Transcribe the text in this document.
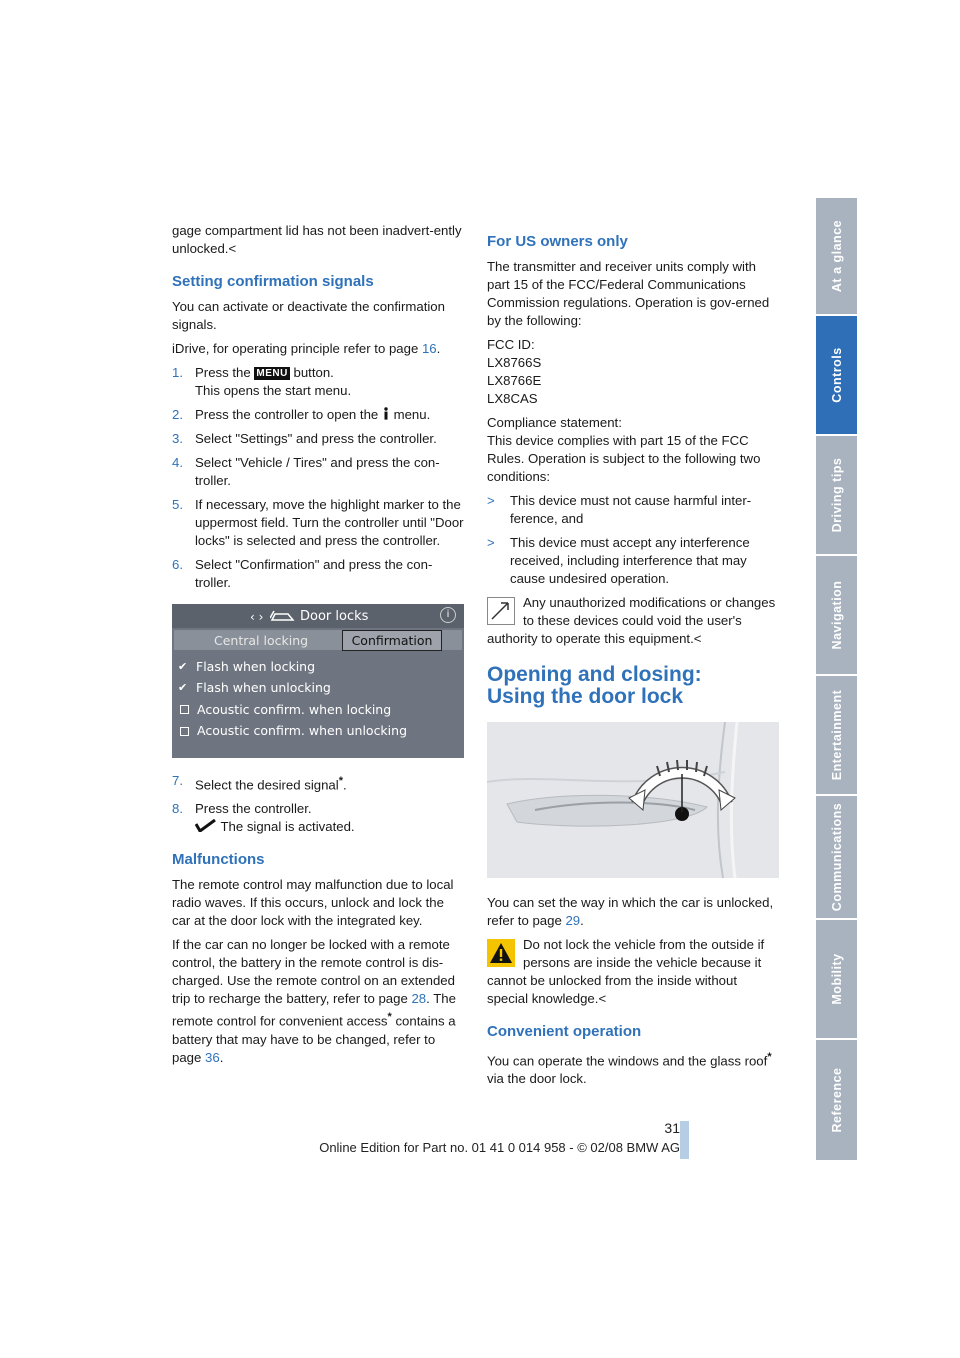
gage compartment lid has not been inadvert-ently unlocked.<

Setting confirmation signals

You can activate or deactivate the confirmation signals.

iDrive, for operating principle refer to page 16.

1. Press the MENU button.
This opens the start menu.
2. Press the controller to open the  menu.
3. Select "Settings" and press the controller.
4. Select "Vehicle / Tires" and press the con-troller.
5. If necessary, move the highlight marker to the uppermost field. Turn the controller until "Door locks" is selected and press the controller.
6. Select "Confirmation" and press the con-troller.
‹ ›	Door locks	i
Central locking	Confirmation
✔ Flash when locking
✔ Flash when unlocking
Acoustic confirm. when locking
Acoustic confirm. when unlocking
7. Select the desired signal*.
8. Press the controller.
The signal is activated.
Malfunctions

The remote control may malfunction due to local radio waves. If this occurs, unlock and lock the car at the door lock with the integrated key.

If the car can no longer be locked with a remote control, the battery in the remote control is dis-charged. Use the remote control on an extended trip to recharge the battery, refer to page 28. The remote control for convenient access* contains a battery that may have to be changed, refer to page 36.

For US owners only

The transmitter and receiver units comply with part 15 of the FCC/Federal Communications Commission regulations. Operation is gov-erned by the following:

FCC ID:
LX8766S
LX8766E
LX8CAS

Compliance statement:
This device complies with part 15 of the FCC Rules. Operation is subject to the following two conditions:

>	This device must not cause harmful inter-ference, and
>	This device must accept any interference received, including interference that may cause undesired operation.
Any unauthorized modifications or changes to these devices could void the user's authority to operate this equipment.<
Opening and closing:
Using the door lock

You can set the way in which the car is unlocked, refer to page 29.

Do not lock the vehicle from the outside if persons are inside the vehicle because it cannot be unlocked from the inside without special knowledge.<
Convenient operation

You can operate the windows and the glass roof* via the door lock.

At a glance
Controls
Driving tips
Navigation
Entertainment
Communications
Mobility
Reference
31
Online Edition for Part no. 01 41 0 014 958 - © 02/08 BMW AG
